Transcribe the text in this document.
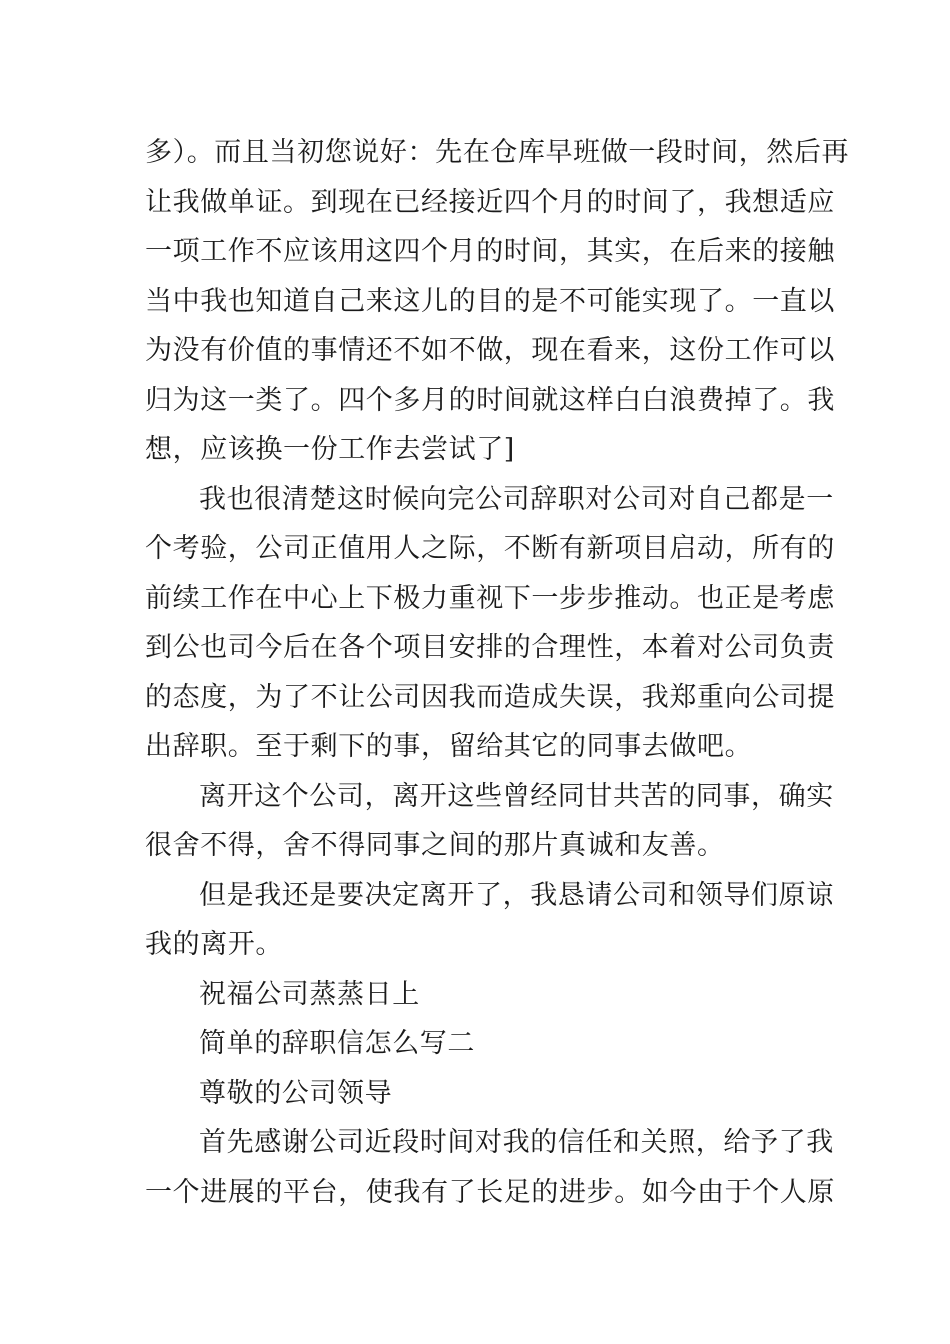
多）。而且当初您说好：先在仓库早班做一段时间，然后再
让我做单证。到现在已经接近四个月的时间了，我想适应
一项工作不应该用这四个月的时间，其实，在后来的接触
当中我也知道自己来这儿的目的是不可能实现了。一直以
为没有价值的事情还不如不做，现在看来，这份工作可以
归为这一类了。四个多月的时间就这样白白浪费掉了。我
想，应该换一份工作去尝试了]

我也很清楚这时候向完公司辞职对公司对自己都是一
个考验，公司正值用人之际，不断有新项目启动，所有的
前续工作在中心上下极力重视下一步步推动。也正是考虑
到公也司今后在各个项目安排的合理性，本着对公司负责
的态度，为了不让公司因我而造成失误，我郑重向公司提
出辞职。至于剩下的事，留给其它的同事去做吧。

离开这个公司，离开这些曾经同甘共苦的同事，确实
很舍不得，舍不得同事之间的那片真诚和友善。

但是我还是要决定离开了，我恳请公司和领导们原谅
我的离开。

祝福公司蒸蒸日上

简单的辞职信怎么写二

尊敬的公司领导

首先感谢公司近段时间对我的信任和关照，给予了我
一个进展的平台，使我有了长足的进步。如今由于个人原
